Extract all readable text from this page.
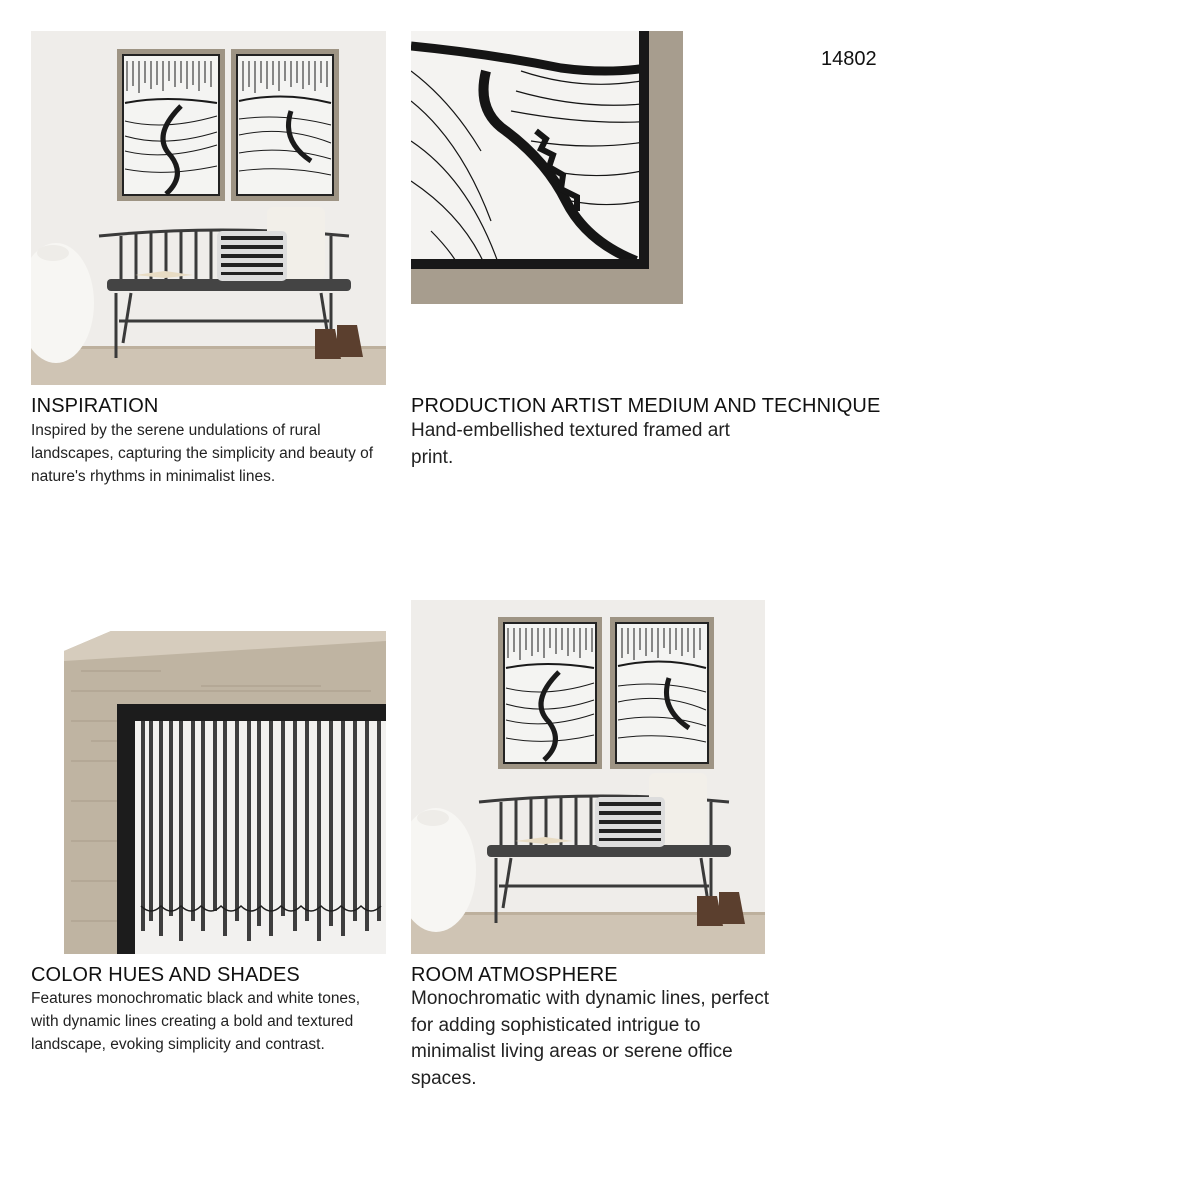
14802
INSPIRATION
Inspired by the serene undulations of rural landscapes, capturing the simplicity and beauty of nature's rhythms in minimalist lines.
PRODUCTION ARTIST MEDIUM AND TECHNIQUE
Hand-embellished textured framed art print.
COLOR HUES AND SHADES
Features monochromatic black and white tones, with dynamic lines creating a bold and textured landscape, evoking simplicity and contrast.
ROOM ATMOSPHERE
Monochromatic with dynamic lines, perfect for adding sophisticated intrigue to minimalist living areas or serene office spaces.
